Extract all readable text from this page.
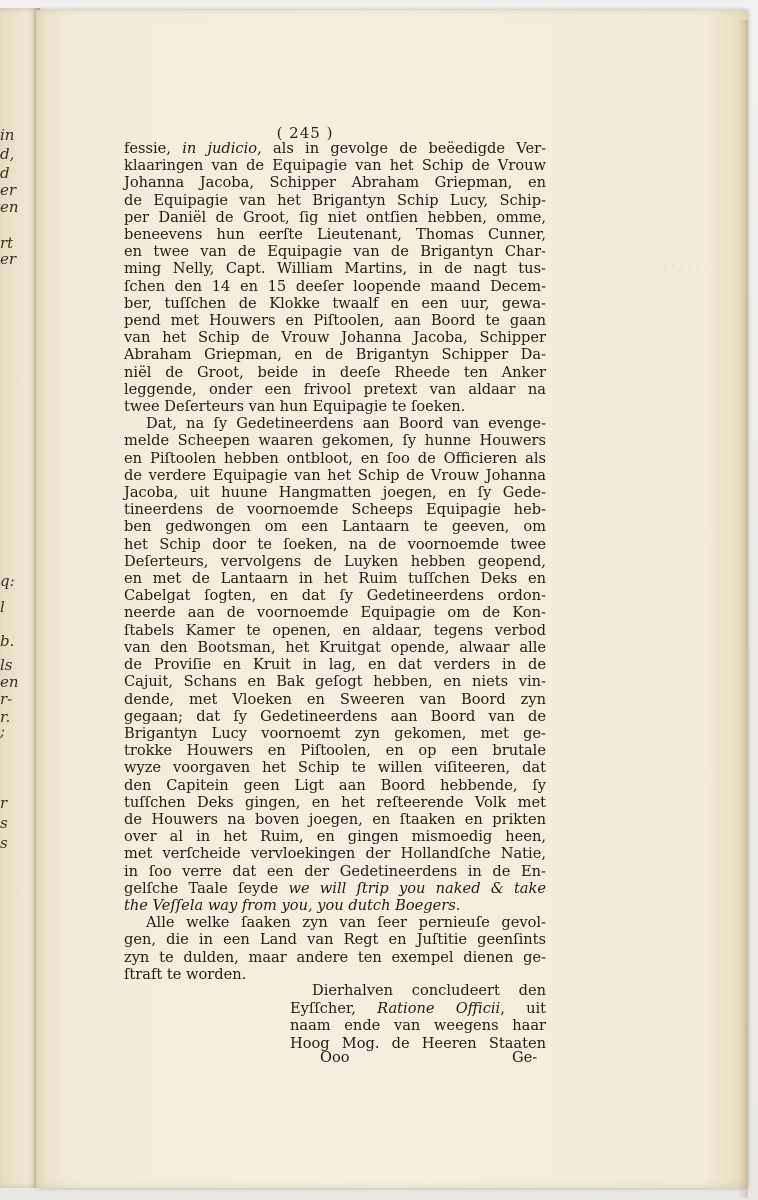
in
d,
d
er
en
rt
er
q:
l
b.
ls
en
r-
r.
;
r
s
s
· · · · · ·
· · · · ·
· · · · · · ·
( 245 )
fessie, in judicio, als in gevolge de beëedigde Ver-
klaaringen van de Equipagie van het Schip de Vrouw
Johanna Jacoba, Schipper Abraham Griepman, en
de Equipagie van het Brigantyn Schip Lucy, Schip-
per Daniël de Groot, ſig niet ontſien hebben, omme,
beneevens hun eerſte Lieutenant, Thomas Cunner,
en twee van de Equipagie van de Brigantyn Char-
ming Nelly, Capt. William Martins, in de nagt tus-
ſchen den 14 en 15 deeſer loopende maand Decem-
ber, tuſſchen de Klokke twaalf en een uur, gewa-
pend met Houwers en Piſtoolen, aan Boord te gaan
van het Schip de Vrouw Johanna Jacoba, Schipper
Abraham Griepman, en de Brigantyn Schipper Da-
niël de Groot, beide in deeſe Rheede ten Anker
leggende, onder een frivool pretext van aldaar na
twee Deſerteurs van hun Equipagie te ſoeken.
Dat, na ſy Gedetineerdens aan Boord van evenge-
melde Scheepen waaren gekomen, ſy hunne Houwers
en Piſtoolen hebben ontbloot, en ſoo de Officieren als
de verdere Equipagie van het Schip de Vrouw Johanna
Jacoba, uit huune Hangmatten joegen, en ſy Gede-
tineerdens de voornoemde Scheeps Equipagie heb-
ben gedwongen om een Lantaarn te geeven, om
het Schip door te ſoeken, na de voornoemde twee
Deſerteurs, vervolgens de Luyken hebben geopend,
en met de Lantaarn in het Ruim tuſſchen Deks en
Cabelgat ſogten, en dat ſy Gedetineerdens ordon-
neerde aan de voornoemde Equipagie om de Kon-
ſtabels Kamer te openen, en aldaar, tegens verbod
van den Bootsman, het Kruitgat opende, alwaar alle
de Proviſie en Kruit in lag, en dat verders in de
Cajuit, Schans en Bak geſogt hebben, en niets vin-
dende, met Vloeken en Sweeren van Boord zyn
gegaan; dat ſy Gedetineerdens aan Boord van de
Brigantyn Lucy voornoemt zyn gekomen, met ge-
trokke Houwers en Piſtoolen, en op een brutale
wyze voorgaven het Schip te willen viſiteeren, dat
den Capitein geen Ligt aan Boord hebbende, ſy
tuſſchen Deks gingen, en het reſteerende Volk met
de Houwers na boven joegen, en ſtaaken en prikten
over al in het Ruim, en gingen mismoedig heen,
met verſcheide vervloekingen der Hollandſche Natie,
in ſoo verre dat een der Gedetineerdens in de En-
gelſche Taale ſeyde we will ſtrip you naked & take
the Veſſela way from you, you dutch Boegers.
Alle welke ſaaken zyn van ſeer pernieuſe gevol-
gen, die in een Land van Regt en Juſtitie geenſints
zyn te dulden, maar andere ten exempel dienen ge-
ſtraft te worden.
Dierhalven concludeert den
Eyſſcher, Ratione Officii, uit
naam ende van weegens haar
Hoog Mog. de Heeren Staaten
Ooo	Ge-
